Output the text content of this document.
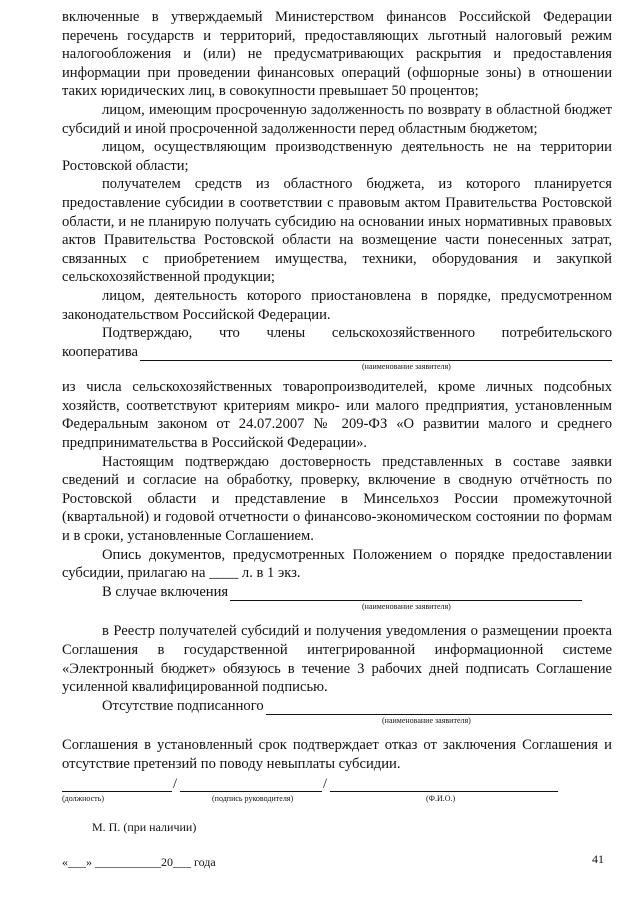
включенные в утверждаемый Министерством финансов Российской Федерации перечень государств и территорий, предоставляющих льготный налоговый режим налогообложения и (или) не предусматривающих раскрытия и предоставления информации при проведении финансовых операций (офшорные зоны) в отношении таких юридических лиц, в совокупности превышает 50 процентов;

лицом, имеющим просроченную задолженность по возврату в областной бюджет субсидий и иной просроченной задолженности перед областным бюджетом;

лицом, осуществляющим производственную деятельность не на территории Ростовской области;

получателем средств из областного бюджета, из которого планируется предоставление субсидии в соответствии с правовым актом Правительства Ростовской области, и не планирую получать субсидию на основании иных нормативных правовых актов Правительства Ростовской области на возмещение части понесенных затрат, связанных с приобретением имущества, техники, оборудования и закупкой сельскохозяйственной продукции;

лицом, деятельность которого приостановлена в порядке, предусмотренном законодательством Российской Федерации.

Подтверждаю, что члены сельскохозяйственного потребительского

кооператива
(наименование заявителя)

из числа сельскохозяйственных товаропроизводителей, кроме личных подсобных хозяйств, соответствуют критериям микро- или малого предприятия, установленным Федеральным законом от 24.07.2007 № 209-ФЗ «О развитии малого и среднего предпринимательства в Российской Федерации».

Настоящим подтверждаю достоверность представленных в составе заявки сведений и согласие на обработку, проверку, включение в сводную отчётность по Ростовской области и представление в Минсельхоз России промежуточной (квартальной) и годовой отчетности о финансово-экономическом состоянии по формам и в сроки, установленные Соглашением.

Опись документов, предусмотренных Положением о порядке предоставлении субсидии, прилагаю на ____ л. в 1 экз.

В случае включения
(наименование заявителя)

в Реестр получателей субсидий и получения уведомления о размещении проекта Соглашения в государственной интегрированной информационной системе «Электронный бюджет» обязуюсь в течение 3 рабочих дней подписать Соглашение усиленной квалифицированной подписью.

Отсутствие подписанного
(наименование заявителя)

Соглашения в установленный срок подтверждает отказ от заключения Соглашения и отсутствие претензий по поводу невыплаты субсидии.

/	/
(должность)	(подпись руководителя)	(Ф.И.О.)
М. П. (при наличии)
«___» ___________20___ года	41
